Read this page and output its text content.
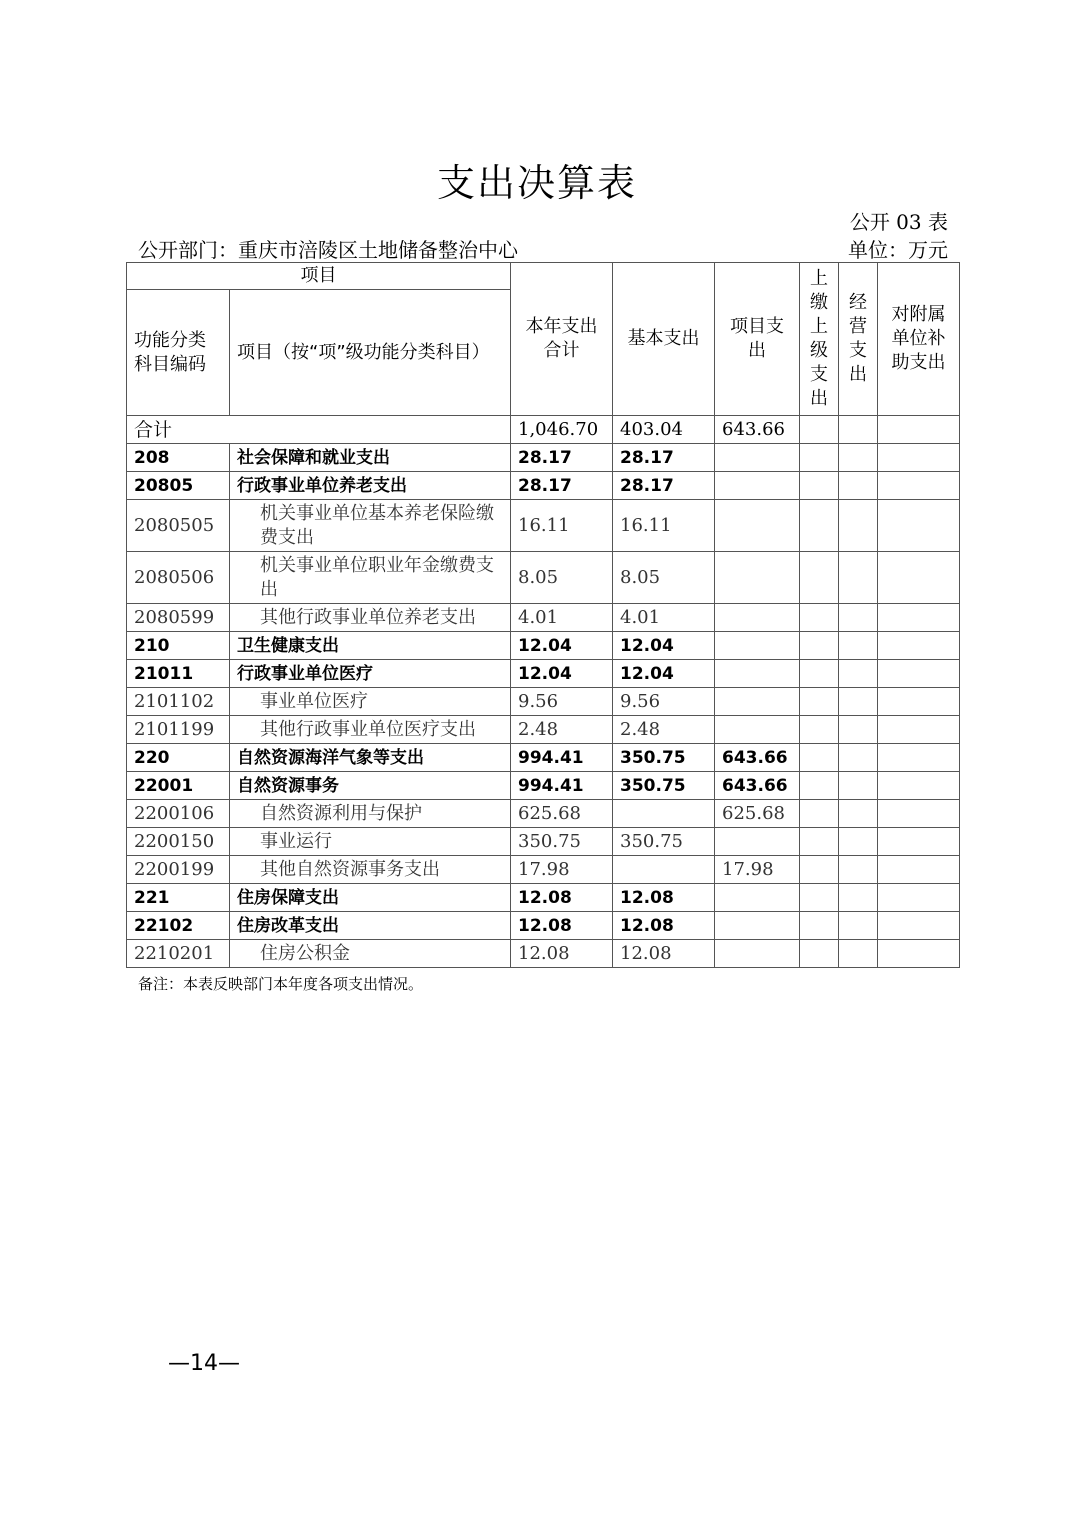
支出决算表
公开 03 表
公开部门：重庆市涪陵区土地储备整治中心	单位：万元
项目		本年支出合计	基本支出	项目支出	上缴上级支出	经营支出	对附属单位补助支出
功能分类科目编码	项目（按“项”级功能分类科目）						
合计		1,046.70	403.04	643.66			
208	社会保障和就业支出	28.17	28.17				
20805	行政事业单位养老支出	28.17	28.17				
2080505	机关事业单位基本养老保险缴费支出	16.11	16.11				
2080506	机关事业单位职业年金缴费支出	8.05	8.05				
2080599	其他行政事业单位养老支出	4.01	4.01				
210	卫生健康支出	12.04	12.04				
21011	行政事业单位医疗	12.04	12.04				
2101102	事业单位医疗	9.56	9.56				
2101199	其他行政事业单位医疗支出	2.48	2.48				
220	自然资源海洋气象等支出	994.41	350.75	643.66			
22001	自然资源事务	994.41	350.75	643.66			
2200106	自然资源利用与保护	625.68		625.68			
2200150	事业运行	350.75	350.75				
2200199	其他自然资源事务支出	17.98		17.98			
221	住房保障支出	12.08	12.08				
22102	住房改革支出	12.08	12.08				
2210201	住房公积金	12.08	12.08				
备注：本表反映部门本年度各项支出情况。
—14—
